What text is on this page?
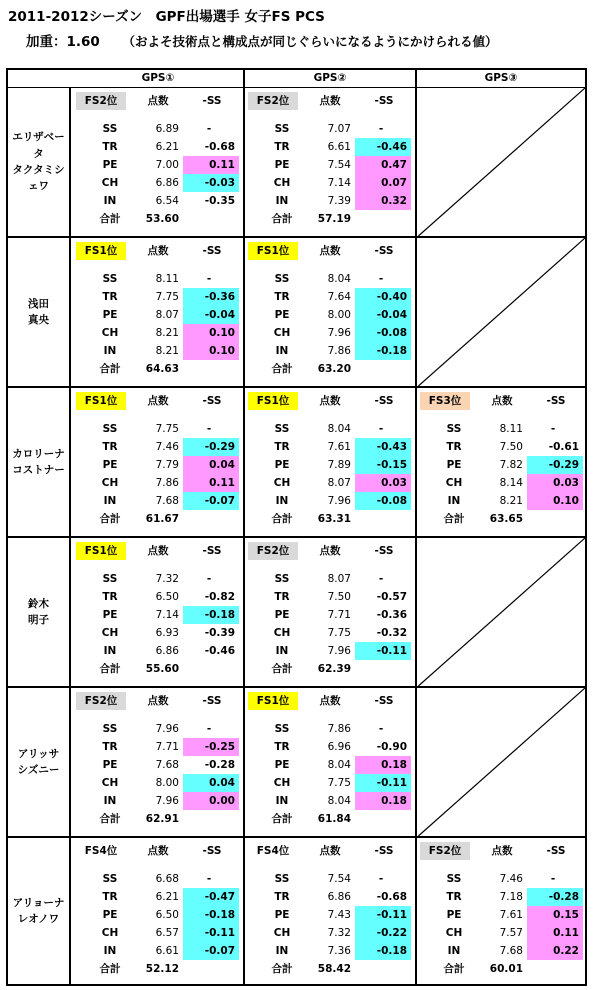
2011-2012シーズン　GPF出場選手 女子FS PCS
加重：1.60 （およそ技術点と構成点が同じぐらいになるようにかけられる値）
GPS①	GPS②	GPS③
エリザベータ
タクタミシェワ
FS2位	点数	-SS
SS	6.89	-
TR	6.21	-0.68
PE	7.00	0.11
CH	6.86	-0.03
IN	6.54	-0.35
合計	53.60
FS2位	点数	-SS
SS	7.07	-
TR	6.61	-0.46
PE	7.54	0.47
CH	7.14	0.07
IN	7.39	0.32
合計	57.19
浅田
真央
FS1位	点数	-SS
SS	8.11	-
TR	7.75	-0.36
PE	8.07	-0.04
CH	8.21	0.10
IN	8.21	0.10
合計	64.63
FS1位	点数	-SS
SS	8.04	-
TR	7.64	-0.40
PE	8.00	-0.04
CH	7.96	-0.08
IN	7.86	-0.18
合計	63.20
カロリーナ
コストナー
FS1位	点数	-SS
SS	7.75	-
TR	7.46	-0.29
PE	7.79	0.04
CH	7.86	0.11
IN	7.68	-0.07
合計	61.67
FS1位	点数	-SS
SS	8.04	-
TR	7.61	-0.43
PE	7.89	-0.15
CH	8.07	0.03
IN	7.96	-0.08
合計	63.31
FS3位	点数	-SS
SS	8.11	-
TR	7.50	-0.61
PE	7.82	-0.29
CH	8.14	0.03
IN	8.21	0.10
合計	63.65
鈴木
明子
FS1位	点数	-SS
SS	7.32	-
TR	6.50	-0.82
PE	7.14	-0.18
CH	6.93	-0.39
IN	6.86	-0.46
合計	55.60
FS2位	点数	-SS
SS	8.07	-
TR	7.50	-0.57
PE	7.71	-0.36
CH	7.75	-0.32
IN	7.96	-0.11
合計	62.39
アリッサ
シズニー
FS2位	点数	-SS
SS	7.96	-
TR	7.71	-0.25
PE	7.68	-0.28
CH	8.00	0.04
IN	7.96	0.00
合計	62.91
FS1位	点数	-SS
SS	7.86	-
TR	6.96	-0.90
PE	8.04	0.18
CH	7.75	-0.11
IN	8.04	0.18
合計	61.84
アリョーナ
レオノワ
FS4位	点数	-SS
SS	6.68	-
TR	6.21	-0.47
PE	6.50	-0.18
CH	6.57	-0.11
IN	6.61	-0.07
合計	52.12
FS4位	点数	-SS
SS	7.54	-
TR	6.86	-0.68
PE	7.43	-0.11
CH	7.32	-0.22
IN	7.36	-0.18
合計	58.42
FS2位	点数	-SS
SS	7.46	-
TR	7.18	-0.28
PE	7.61	0.15
CH	7.57	0.11
IN	7.68	0.22
合計	60.01
